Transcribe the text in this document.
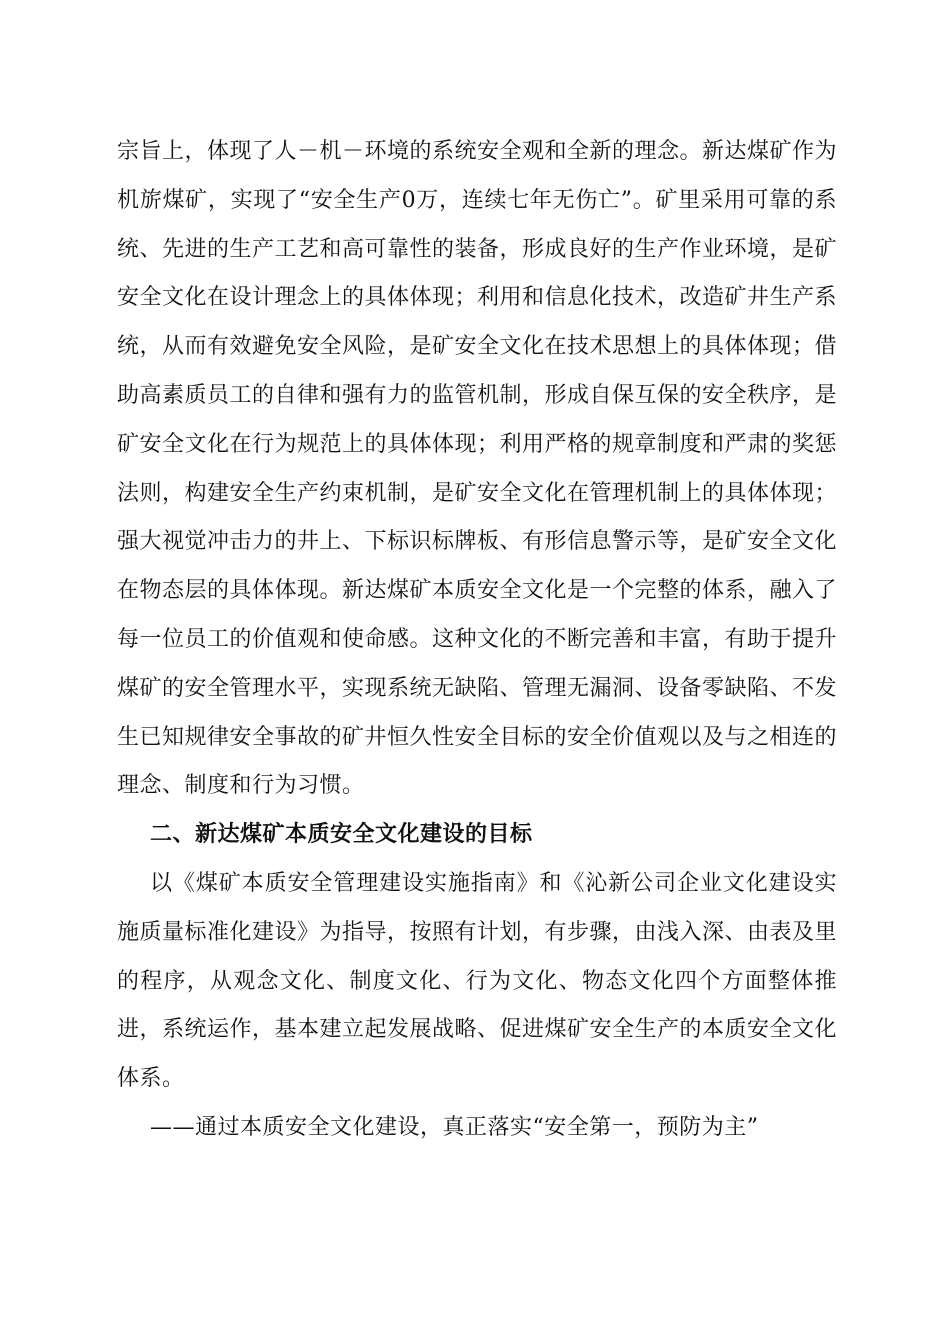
宗旨上，体现了人－机－环境的系统安全观和全新的理念。新达煤矿作为机旂煤矿，实现了“安全生产0万，连续七年无伤亡”。矿里采用可靠的系统、先进的生产工艺和高可靠性的装备，形成良好的生产作业环境，是矿安全文化在设计理念上的具体体现；利用和信息化技术，改造矿井生产系统，从而有效避免安全风险，是矿安全文化在技术思想上的具体体现；借助高素质员工的自律和强有力的监管机制，形成自保互保的安全秩序，是矿安全文化在行为规范上的具体体现；利用严格的规章制度和严肃的奖惩法则，构建安全生产约束机制，是矿安全文化在管理机制上的具体体现；强大视觉冲击力的井上、下标识标牌板、有形信息警示等，是矿安全文化在物态层的具体体现。新达煤矿本质安全文化是一个完整的体系，融入了每一位员工的价值观和使命感。这种文化的不断完善和丰富，有助于提升煤矿的安全管理水平，实现系统无缺陷、管理无漏洞、设备零缺陷、不发生已知规律安全事故的矿井恒久性安全目标的安全价值观以及与之相连的理念、制度和行为习惯。

二、新达煤矿本质安全文化建设的目标

以《煤矿本质安全管理建设实施指南》和《沁新公司企业文化建设实施质量标准化建设》为指导，按照有计划，有步骤，由浅入深、由表及里的程序，从观念文化、制度文化、行为文化、物态文化四个方面整体推进，系统运作，基本建立起发展战略、促进煤矿安全生产的本质安全文化体系。

——通过本质安全文化建设，真正落实“安全第一，预防为主”
